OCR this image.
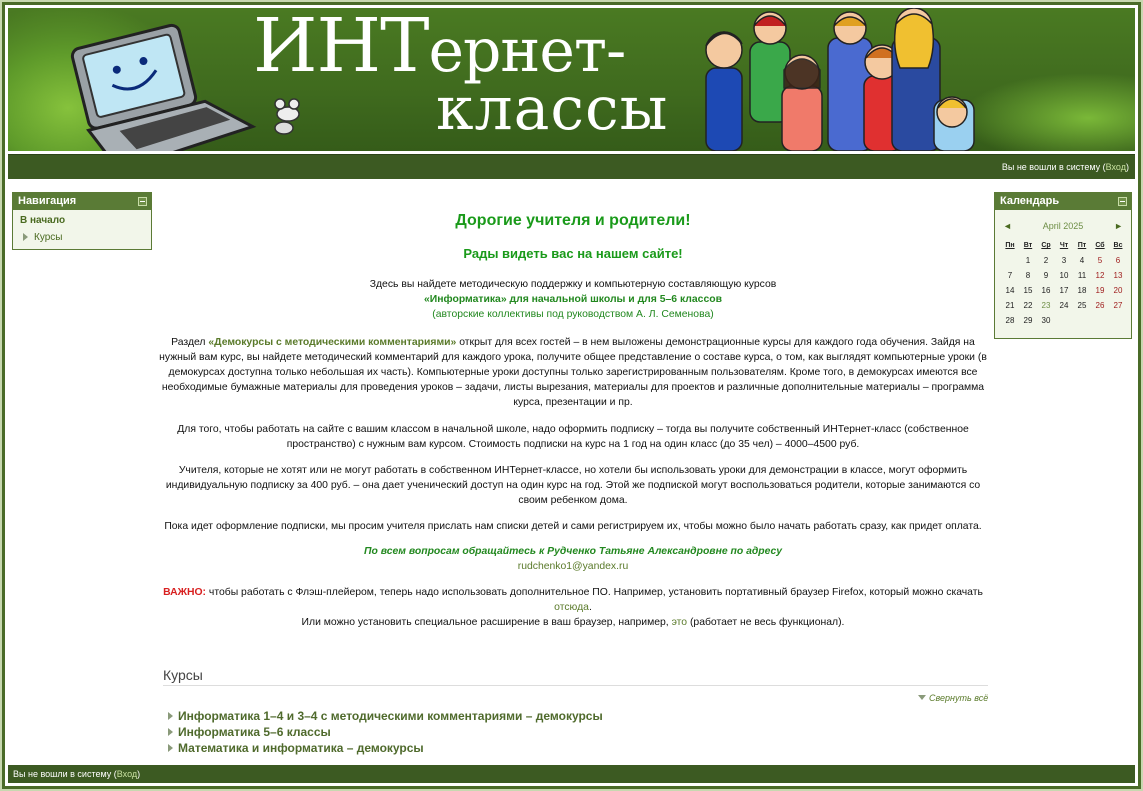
ИНТернет-
классы
Вы не вошли в систему (Вход)
Навигация
В начало
Курсы
Календарь
◄	April 2025	►
Пн	Вт	Ср	Чт	Пт	Сб	Вс
	1	2	3	4	5	6
7	8	9	10	11	12	13
14	15	16	17	18	19	20
21	22	23	24	25	26	27
28	29	30				
Дорогие учителя и родители!
Рады видеть вас на нашем сайте!
Здесь вы найдете методическую поддержку и компьютерную составляющую курсов
«Информатика» для начальной школы и для 5–6 классов
(авторские коллективы под руководством А. Л. Семенова)
Раздел «Демокурсы с методическими комментариями» открыт для всех гостей – в нем выложены демонстрационные курсы для каждого года обучения. Зайдя на нужный вам курс, вы найдете методический комментарий для каждого урока, получите общее представление о составе курса, о том, как выглядят компьютерные уроки (в демокурсах доступна только небольшая их часть). Компьютерные уроки доступны только зарегистрированным пользователям. Кроме того, в демокурсах имеются все необходимые бумажные материалы для проведения уроков – задачи, листы вырезания, материалы для проектов и различные дополнительные материалы – программа курса, презентации и пр.
Для того, чтобы работать на сайте с вашим классом в начальной школе, надо оформить подписку – тогда вы получите собственный ИНТернет-класс (собственное пространство) с нужным вам курсом. Стоимость подписки на курс на 1 год на один класс (до 35 чел) – 4000–4500 руб.
Учителя, которые не хотят или не могут работать в собственном ИНТернет-классе, но хотели бы использовать уроки для демонстрации в классе, могут оформить индивидуальную подписку за 400 руб. – она дает ученический доступ на один курс на год. Этой же подпиской могут воспользоваться родители, которые занимаются со своим ребенком дома.
Пока идет оформление подписки, мы просим учителя прислать нам списки детей и сами регистрируем их, чтобы можно было начать работать сразу, как придет оплата.
По всем вопросам обращайтесь к Рудченко Татьяне Александровне по адресу
rudchenko1@yandex.ru
ВАЖНО: чтобы работать с Флэш-плейером, теперь надо использовать дополнительное ПО. Например, установить портативный браузер Firefox, который можно скачать отсюда.
Или можно установить специальное расширение в ваш браузер, например, это (работает не весь функционал).
Курсы
Свернуть всё
Информатика 1–4 и 3–4 с методическими комментариями – демокурсы
Информатика 5–6 классы
Математика и информатика – демокурсы
Вы не вошли в систему (Вход)
